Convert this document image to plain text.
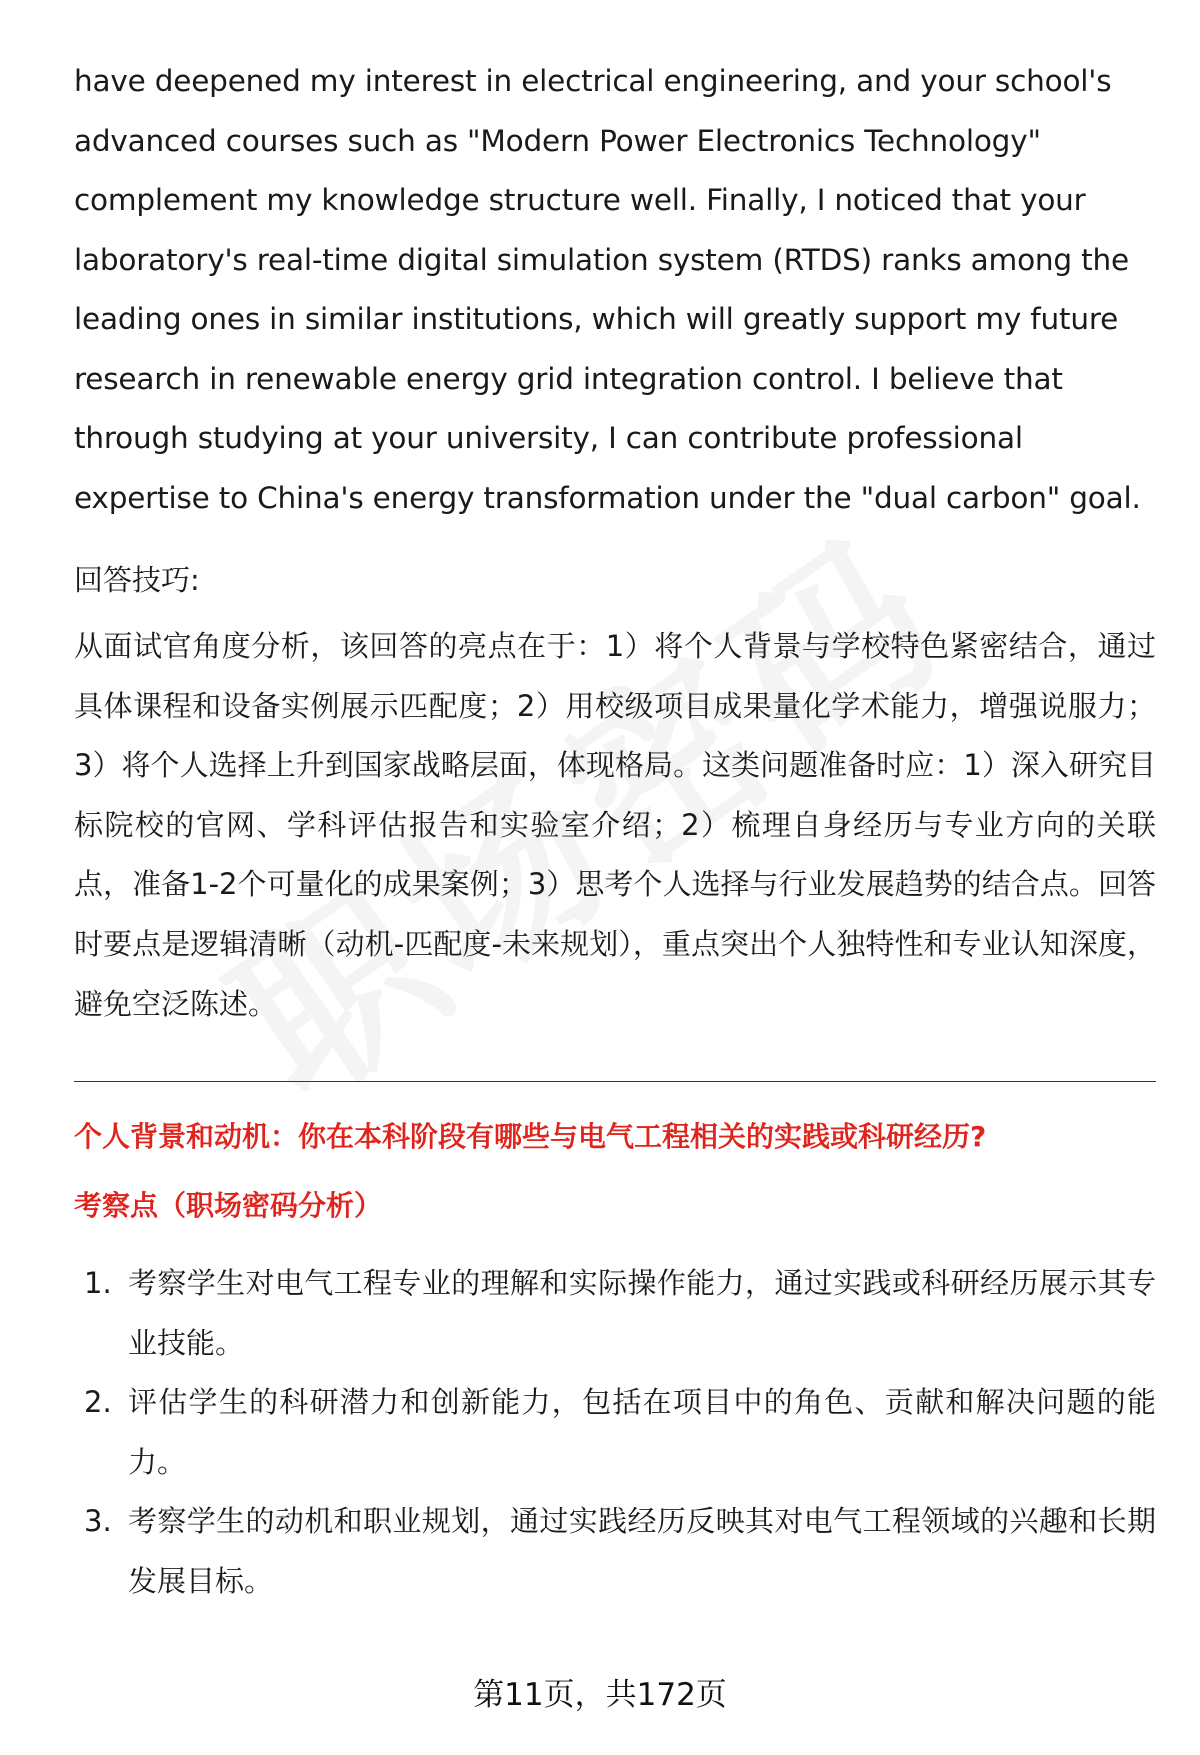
have deepened my interest in electrical engineering, and your school's advanced courses such as "Modern Power Electronics Technology" complement my knowledge structure well. Finally, I noticed that your laboratory's real-time digital simulation system (RTDS) ranks among the leading ones in similar institutions, which will greatly support my future research in renewable energy grid integration control. I believe that through studying at your university, I can contribute professional expertise to China's energy transformation under the "dual carbon" goal.

回答技巧:

从面试官角度分析，该回答的亮点在于：1）将个人背景与学校特色紧密结合，通过具体课程和设备实例展示匹配度；2）用校级项目成果量化学术能力，增强说服力；3）将个人选择上升到国家战略层面，体现格局。这类问题准备时应：1）深入研究目标院校的官网、学科评估报告和实验室介绍；2）梳理自身经历与专业方向的关联点，准备1-2个可量化的成果案例；3）思考个人选择与行业发展趋势的结合点。回答时要点是逻辑清晰（动机-匹配度-未来规划），重点突出个人独特性和专业认知深度，避免空泛陈述。

个人背景和动机：你在本科阶段有哪些与电气工程相关的实践或科研经历?

考察点（职场密码分析）

1. 考察学生对电气工程专业的理解和实际操作能力，通过实践或科研经历展示其专业技能。
2. 评估学生的科研潜力和创新能力，包括在项目中的角色、贡献和解决问题的能力。
3. 考察学生的动机和职业规划，通过实践经历反映其对电气工程领域的兴趣和长期发展目标。
第11页，共172页
